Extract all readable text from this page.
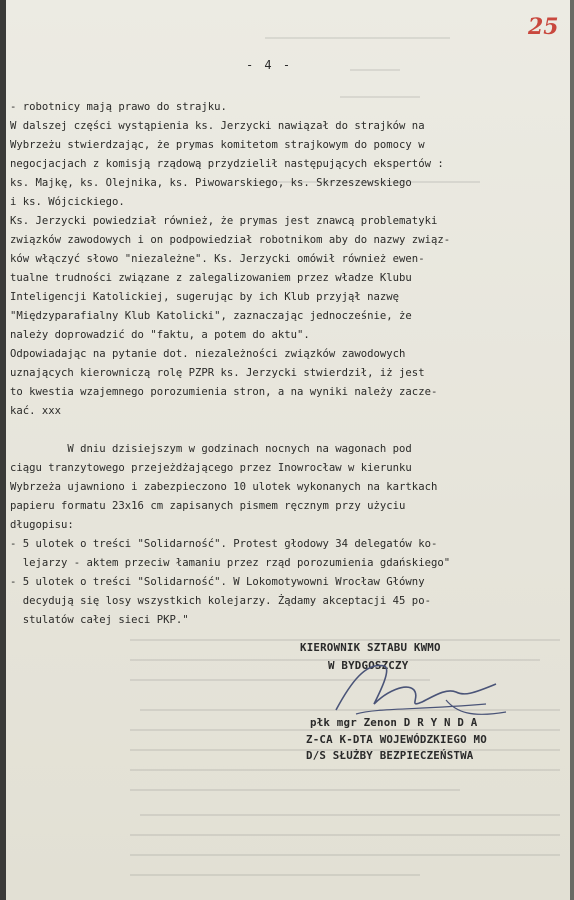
25
- 4 -
- robotnicy mają prawo do strajku.
W dalszej części wystąpienia ks. Jerzycki nawiązał do strajków na
Wybrzeżu stwierdzając, że prymas komitetom strajkowym do pomocy w
negocjacjach z komisją rządową przydzielił następujących ekspertów :
ks. Majkę, ks. Olejnika, ks. Piwowarskiego, ks. Skrzeszewskiego
i ks. Wójcickiego.
Ks. Jerzycki powiedział również, że prymas jest znawcą problematyki
związków zawodowych i on podpowiedział robotnikom aby do nazwy związ-
ków włączyć słowo "niezależne". Ks. Jerzycki omówił również ewen-
tualne trudności związane z zalegalizowaniem przez władze Klubu
Inteligencji Katolickiej, sugerując by ich Klub przyjął nazwę
"Międzyparafialny Klub Katolicki", zaznaczając jednocześnie, że
należy doprowadzić do "faktu, a potem do aktu".
Odpowiadając na pytanie dot. niezależności związków zawodowych
uznających kierowniczą rolę PZPR ks. Jerzycki stwierdził, iż jest
to kwestia wzajemnego porozumienia stron, a na wyniki należy zacze-
kać. xxx
W dniu dzisiejszym w godzinach nocnych na wagonach pod
ciągu tranzytowego przejeżdżającego przez Inowrocław w kierunku
Wybrzeża ujawniono i zabezpieczono 10 ulotek wykonanych na kartkach
papieru formatu 23x16 cm zapisanych pismem ręcznym przy użyciu
długopisu:
- 5 ulotek o treści "Solidarność". Protest głodowy 34 delegatów ko-
lejarzy - aktem przeciw łamaniu przez rząd porozumienia gdańskiego"
- 5 ulotek o treści "Solidarność". W Lokomotywowni Wrocław Główny
decydują się losy wszystkich kolejarzy. Żądamy akceptacji 45 po-
stulatów całej sieci PKP."
KIEROWNIK SZTABU KWMO
W BYDGOSZCZY
płk mgr Zenon D R Y N D A
Z-CA K-DTA WOJEWÓDZKIEGO MO
D/S SŁUŻBY BEZPIECZEŃSTWA
